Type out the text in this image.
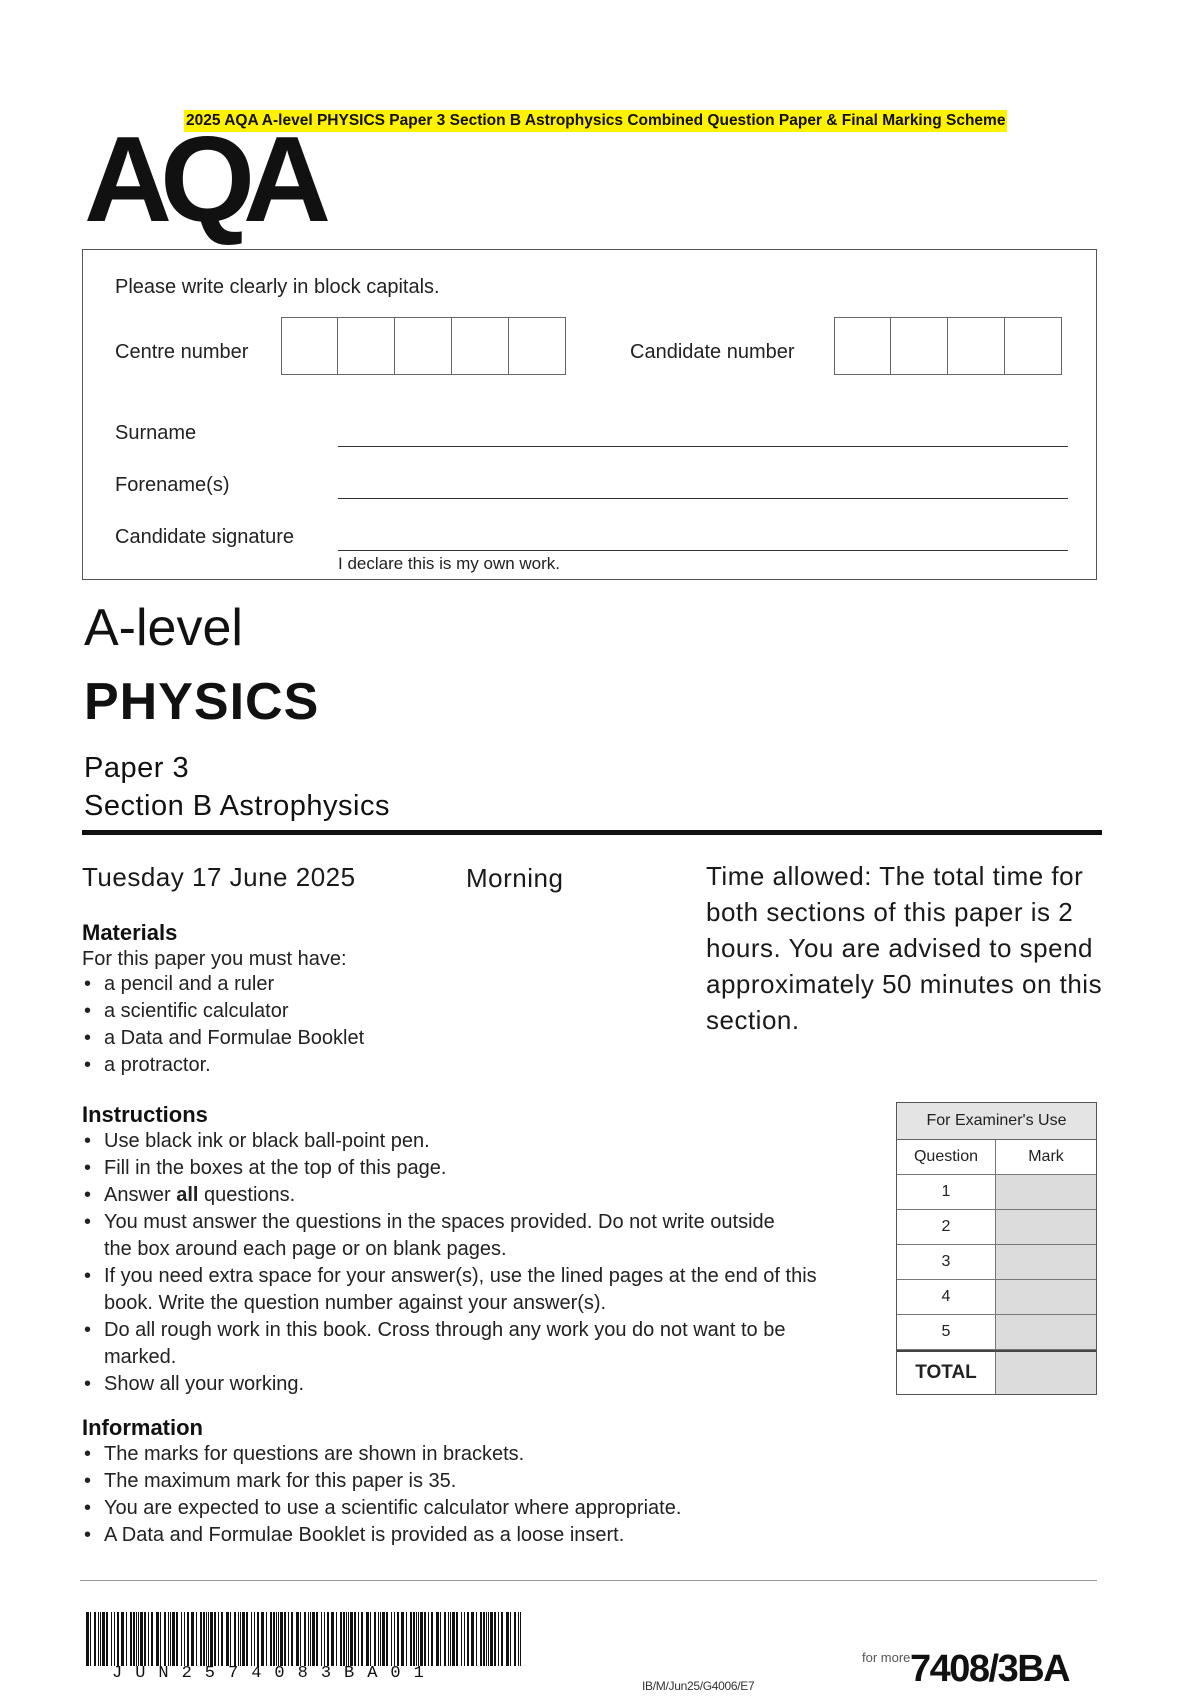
2025 AQA A-level PHYSICS Paper 3 Section B Astrophysics Combined Question Paper & Final Marking Scheme
AQA
Please write clearly in block capitals.
Centre number	Candidate number
Surname
Forename(s)
Candidate signature
I declare this is my own work.
A-level
PHYSICS
Paper 3
Section B Astrophysics
Tuesday 17 June 2025	Morning	Time allowed: The total time for both sections of this paper is 2 hours. You are advised to spend approximately 50 minutes on this section.
Materials
For this paper you must have:
• a pencil and a ruler
• a scientific calculator
• a Data and Formulae Booklet
• a protractor.
Instructions
• Use black ink or black ball-point pen.
• Fill in the boxes at the top of this page.
• Answer all questions.
• You must answer the questions in the spaces provided. Do not write outside the box around each page or on blank pages.
• If you need extra space for your answer(s), use the lined pages at the end of this book. Write the question number against your answer(s).
• Do all rough work in this book. Cross through any work you do not want to be marked.
• Show all your working.
Information
• The marks for questions are shown in brackets.
• The maximum mark for this paper is 35.
• You are expected to use a scientific calculator where appropriate.
• A Data and Formulae Booklet is provided as a loose insert.
For Examiner's Use
Question	Mark
1
2
3
4
5
TOTAL
JUN2574083BA01
IB/M/Jun25/G4006/E7
for more 7408/3BA
